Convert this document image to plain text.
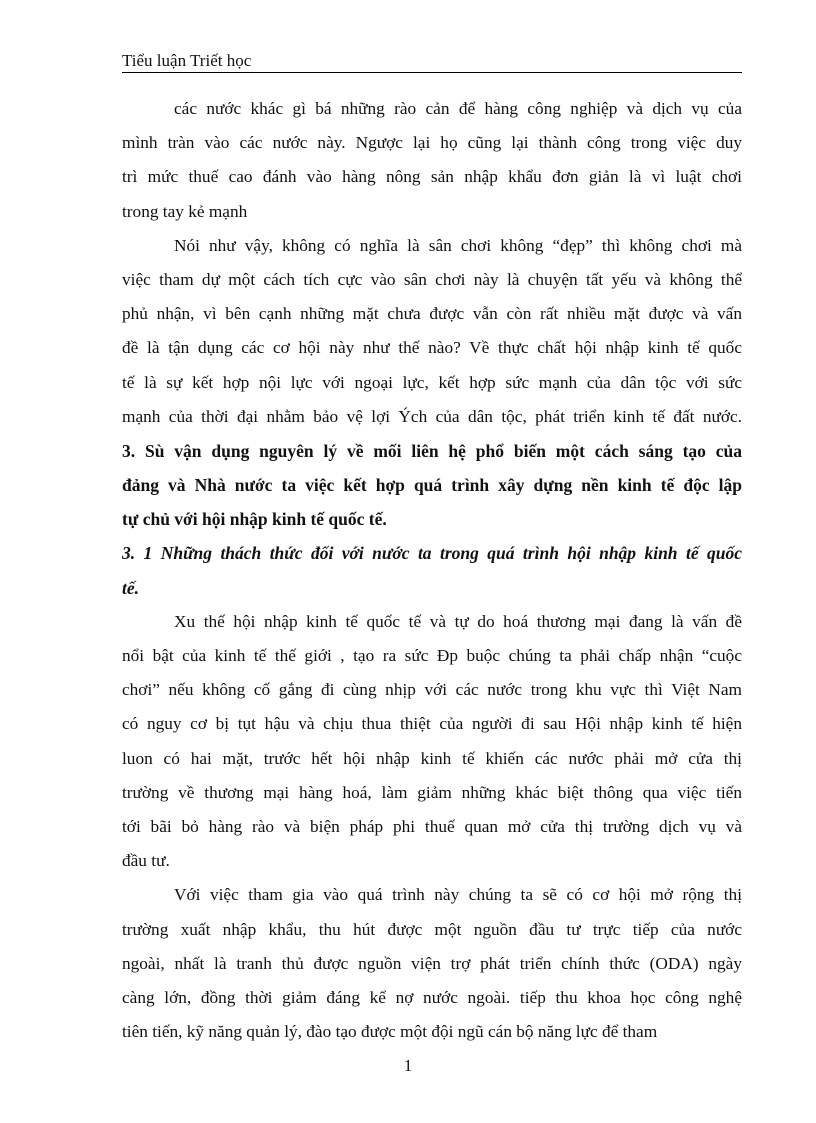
Tiểu luận Triết học
các nước khác gì bá những rào cản để hàng công nghiệp và dịch vụ của
mình tràn vào các nước này. Ngược lại họ cũng lại thành công trong việc duy
trì mức thuế cao đánh vào hàng nông sản nhập khẩu đơn giản là vì luật chơi
trong tay kẻ mạnh
Nói như vậy, không có nghĩa là sân chơi không “đẹp” thì không chơi mà
việc tham dự một cách tích cực vào sân chơi này là chuyện tất yếu và không thể
phủ nhận, vì bên cạnh những mặt chưa được vẫn còn rất nhiều mặt được và vấn
đề là tận dụng các cơ hội này như thế nào? Về thực chất hội nhập kinh tế quốc
tế là sự kết hợp nội lực với ngoại lực, kết hợp sức mạnh của dân tộc với sức
mạnh của thời đại nhằm bảo vệ lợi Ých của dân tộc, phát triển kinh tế đất nước.
3. Sù vận dụng nguyên lý về mối liên hệ phổ biến một cách sáng tạo của
đảng và Nhà nước ta việc kết hợp quá trình xây dựng nền kinh tế độc lập
tự chủ với hội nhập kinh tế quốc tế.
3. 1 Những thách thức đối với nước ta trong quá trình hội nhập kinh tế quốc
tế.
Xu thế hội nhập kinh tế quốc tế và tự do hoá thương mại đang là vấn đề
nổi bật của kinh tế thế giới , tạo ra sức Ðp buộc chúng ta phải chấp nhận “cuộc
chơi” nếu không cố gắng đi cùng nhịp với các nước trong khu vực thì Việt Nam
có nguy cơ bị tụt hậu và chịu thua thiệt của người đi sau Hội nhập kinh tế hiện
luon có hai mặt, trước hết hội nhập kinh tế khiến các nước phải mở cửa thị
trường về thương mại hàng hoá, làm giảm những khác biệt thông qua việc tiến
tới bãi bỏ hàng rào và biện pháp phi thuế quan mở cửa thị trường dịch vụ và
đầu tư.
Với việc tham gia vào quá trình này chúng ta sẽ có cơ hội mở rộng thị
trường xuất nhập khẩu, thu hút được một nguồn đầu tư trực tiếp của nước
ngoài, nhất là tranh thủ được nguồn viện trợ phát triển chính thức (ODA) ngày
càng lớn, đồng thời giảm đáng kể nợ nước ngoài. tiếp thu khoa học công nghệ
tiên tiến, kỹ năng quản lý, đào tạo được một đội ngũ cán bộ năng lực để tham
1
